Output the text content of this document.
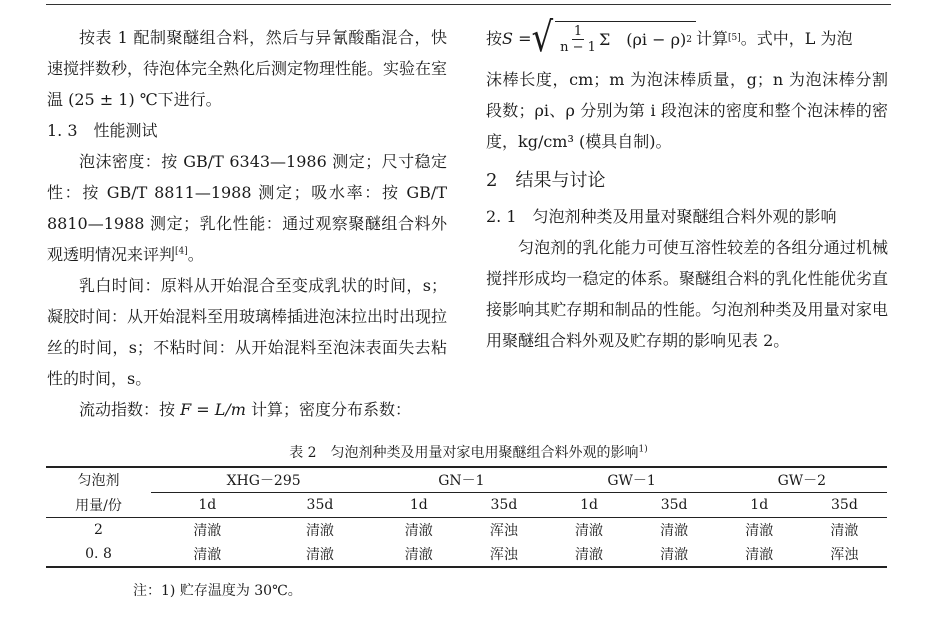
按表 1 配制聚醚组合料，然后与异氰酸酯混合，快速搅拌数秒，待泡体完全熟化后测定物理性能。实验在室温 (25 ± 1) ℃下进行。

1. 3　性能测试

泡沫密度：按 GB/T 6343—1986 测定；尺寸稳定性：按 GB/T 8811—1988 测定；吸水率：按 GB/T 8810—1988 测定；乳化性能：通过观察聚醚组合料外观透明情况来评判[4]。

乳白时间：原料从开始混合至变成乳状的时间，s；凝胶时间：从开始混料至用玻璃棒插进泡沫拉出时出现拉丝的时间，s；不粘时间：从开始混料至泡沫表面失去粘性的时间，s。

流动指数：按 F = L/m 计算；密度分布系数：

按 S = √ $\frac{1}{n - 1}$ Σ　(ρi − ρ) 2 计算 [5] 。式中，L 为泡

沫棒长度，cm；m 为泡沫棒质量，g；n 为泡沫棒分割段数；ρi、ρ 分别为第 i 段泡沫的密度和整个泡沫棒的密度，kg/cm³ (模具自制)。

2　结果与讨论

2. 1　匀泡剂种类及用量对聚醚组合料外观的影响

匀泡剂的乳化能力可使互溶性较差的各组分通过机械搅拌形成均一稳定的体系。聚醚组合料的乳化性能优劣直接影响其贮存期和制品的性能。匀泡剂种类及用量对家电用聚醚组合料外观及贮存期的影响见表 2。

表 2　匀泡剂种类及用量对家电用聚醚组合料外观的影响$^{1)}$
匀泡剂	XHG－295		GN－1		GW－1		GW－2	
用量/份	1d	35d	1d	35d	1d	35d	1d	35d
2	清澈	清澈	清澈	浑浊	清澈	清澈	清澈	清澈
0. 8	清澈	清澈	清澈	浑浊	清澈	清澈	清澈	浑浊
注：1) 贮存温度为 30℃。
